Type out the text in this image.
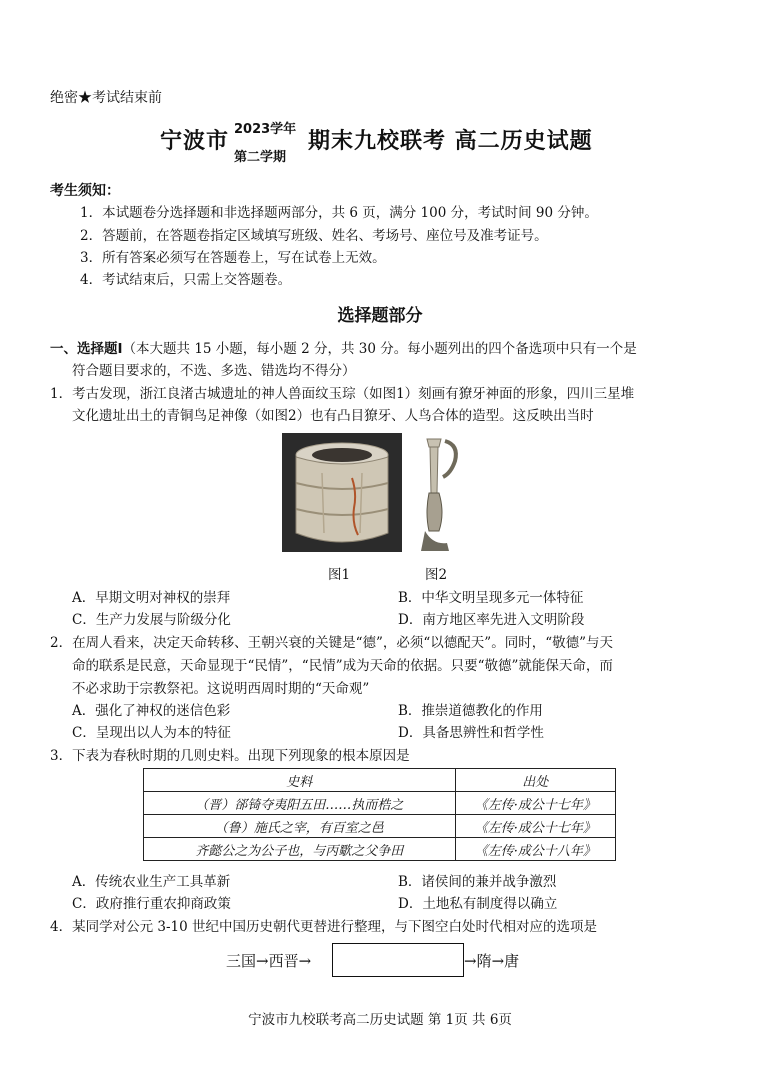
绝密★考试结束前
宁波市 2023学年
第二学期
期末九校联考 高二历史试题
考生须知：
1．本试题卷分选择题和非选择题两部分，共 6 页，满分 100 分，考试时间 90 分钟。
2．答题前，在答题卷指定区域填写班级、姓名、考场号、座位号及准考证号。
3．所有答案必须写在答题卷上，写在试卷上无效。
4．考试结束后，只需上交答题卷。
选择题部分
一、选择题Ⅰ（本大题共 15 小题，每小题 2 分，共 30 分。每小题列出的四个备选项中只有一个是
符合题目要求的，不选、多选、错选均不得分）
1．考古发现，浙江良渚古城遗址的神人兽面纹玉琮（如图1）刻画有獠牙神面的形象，四川三星堆
文化遗址出土的青铜鸟足神像（如图2）也有凸目獠牙、人鸟合体的造型。这反映出当时
图1	图2
A．早期文明对神权的崇拜	B．中华文明呈现多元一体特征
C．生产力发展与阶级分化	D．南方地区率先进入文明阶段
2．在周人看来，决定天命转移、王朝兴衰的关键是“德”，必须“以德配天”。同时，“敬德”与天
命的联系是民意，天命显现于“民情”，“民情”成为天命的依据。只要“敬德”就能保天命，而
不必求助于宗教祭祀。这说明西周时期的“天命观”
A．强化了神权的迷信色彩	B．推崇道德教化的作用
C．呈现出以人为本的特征	D．具备思辨性和哲学性
3．下表为春秋时期的几则史料。出现下列现象的根本原因是
史料	出处
（晋）郤锜夺夷阳五田……执而梏之	《左传·成公十七年》
（鲁）施氏之宰，有百室之邑	《左传·成公十七年》
齐懿公之为公子也，与丙歜之父争田	《左传·成公十八年》
A．传统农业生产工具革新	B．诸侯间的兼并战争激烈
C．政府推行重农抑商政策	D．土地私有制度得以确立
4．某同学对公元 3-10 世纪中国历史朝代更替进行整理，与下图空白处时代相对应的选项是
三国→西晋→	→隋→唐
宁波市九校联考高二历史试题 第 1页 共 6页
